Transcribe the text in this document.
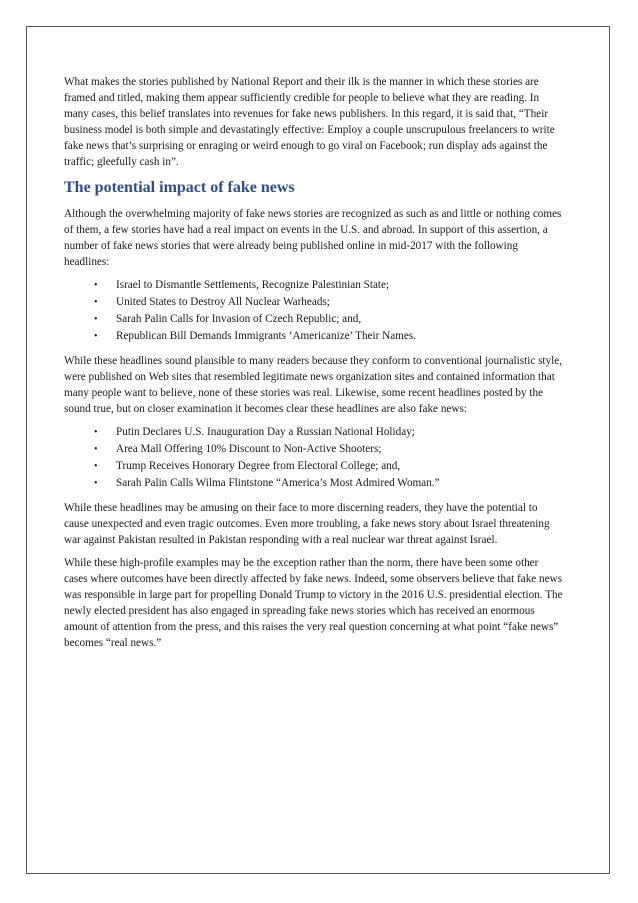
What makes the stories published by National Report and their ilk is the manner in which these stories are framed and titled, making them appear sufficiently credible for people to believe what they are reading. In many cases, this belief translates into revenues for fake news publishers. In this regard, it is said that, “Their business model is both simple and devastatingly effective: Employ a couple unscrupulous freelancers to write fake news that’s surprising or enraging or weird enough to go viral on Facebook; run display ads against the traffic; gleefully cash in”.

The potential impact of fake news

Although the overwhelming majority of fake news stories are recognized as such as and little or nothing comes of them, a few stories have had a real impact on events in the U.S. and abroad. In support of this assertion, a number of fake news stories that were already being published online in mid-2017 with the following headlines:

• Israel to Dismantle Settlements, Recognize Palestinian State;
• United States to Destroy All Nuclear Warheads;
• Sarah Palin Calls for Invasion of Czech Republic; and,
• Republican Bill Demands Immigrants ‘Americanize’ Their Names.

While these headlines sound plausible to many readers because they conform to conventional journalistic style, were published on Web sites that resembled legitimate news organization sites and contained information that many people want to believe, none of these stories was real. Likewise, some recent headlines posted by the sound true, but on closer examination it becomes clear these headlines are also fake news:

• Putin Declares U.S. Inauguration Day a Russian National Holiday;
• Area Mall Offering 10% Discount to Non-Active Shooters;
• Trump Receives Honorary Degree from Electoral College; and,
• Sarah Palin Calls Wilma Flintstone “America’s Most Admired Woman.”

While these headlines may be amusing on their face to more discerning readers, they have the potential to cause unexpected and even tragic outcomes. Even more troubling, a fake news story about Israel threatening war against Pakistan resulted in Pakistan responding with a real nuclear war threat against Israel.

While these high-profile examples may be the exception rather than the norm, there have been some other cases where outcomes have been directly affected by fake news. Indeed, some observers believe that fake news was responsible in large part for propelling Donald Trump to victory in the 2016 U.S. presidential election. The newly elected president has also engaged in spreading fake news stories which has received an enormous amount of attention from the press, and this raises the very real question concerning at what point “fake news” becomes “real news.”
